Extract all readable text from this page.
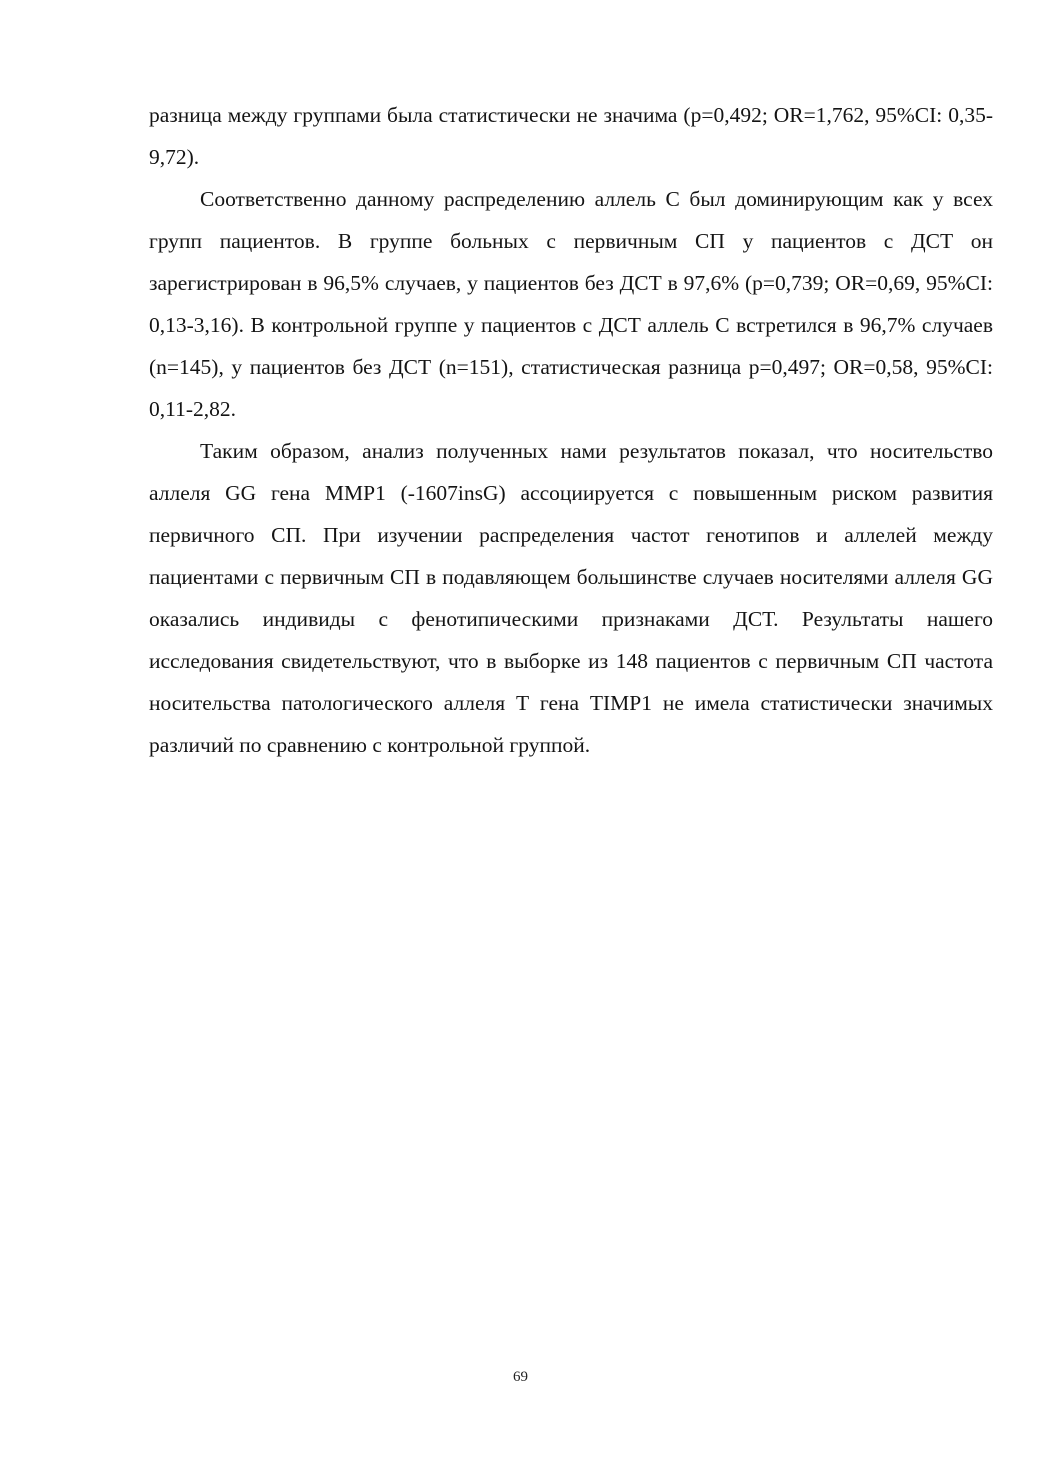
разница между группами была статистически не значима (p=0,492; OR=1,762, 95%CI: 0,35-9,72).

Соответственно данному распределению аллель С был доминирующим как у всех групп пациентов. В группе больных с первичным СП у пациентов с ДСТ он зарегистрирован в 96,5% случаев, у пациентов без ДСТ в 97,6% (p=0,739; OR=0,69, 95%CI: 0,13-3,16). В контрольной группе у пациентов с ДСТ аллель С встретился в 96,7% случаев (n=145), у пациентов без ДСТ (n=151), статистическая разница p=0,497; OR=0,58, 95%CI: 0,11-2,82.

Таким образом, анализ полученных нами результатов показал, что носительство аллеля GG гена MMP1 (-1607insG) ассоциируется с повышенным риском развития первичного СП. При изучении распределения частот генотипов и аллелей между пациентами с первичным СП в подавляющем большинстве случаев носителями аллеля GG оказались индивиды с фенотипическими признаками ДСТ. Результаты нашего исследования свидетельствуют, что в выборке из 148 пациентов с первичным СП частота носительства патологического аллеля Т гена TIMP1 не имела статистически значимых различий по сравнению с контрольной группой.

69
